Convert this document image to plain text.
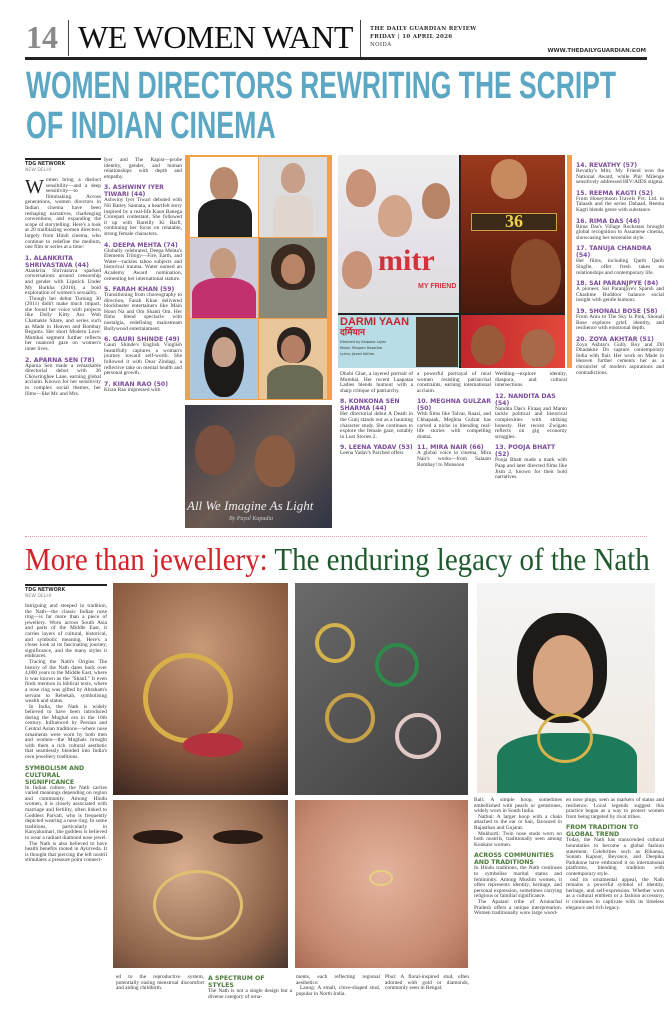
14 WE WOMEN WANT	THE DAILY GUARDIAN REVIEW
FRIDAY | 10 APRIL 2026
NOIDA
WWW.THEDAILYGUARDIAN.COM
WOMEN DIRECTORS REWRITING THE SCRIPT
OF INDIAN CINEMA

TDG NETWORK

NEW DELHI

Women bring a distinct sensibility—and a deep sensitivity—to filmmaking. Across generations, women directors in Indian cinema have been reshaping narratives, challenging conventions, and expanding the scope of storytelling. Here's a look at 20 trailblazing women directors, largely from Hindi cinema, who continue to redefine the medium, one film or series at a time:

1. ALANKRITA SHRIVASTAVA (44)

Alankrita Shrivastava sparked conversations around censorship and gender with Lipstick Under My Burkha (2016), a bold exploration of women's sexuality.

Though her debut Turning 30 (2011) didn't make much impact, she found her voice with projects like Dolly Kitty Aur Woh Chamakte Sitare, and series such as Made in Heaven and Bombay Begums. Her short Modern Love: Mumbai segment further reflects her nuanced gaze on women's inner lives.

2. APARNA SEN (78)

Aparna Sen made a remarkable directorial debut with 36 Chowringhee Lane, earning global acclaim. Known for her sensitivity to complex social themes, her films—like Mr. and Mrs.

Iyer and The Rapist—probe identity, gender, and human relationships with depth and empathy.

3. ASHWINY IYER TIWARI (44)

Ashwiny Iyer Tiwari debuted with Nil Battey Sannata, a heartfelt story inspired by a real-life Kaun Banega Crorepati contestant. She followed it up with Bareilly Ki Barfi, continuing her focus on relatable, strong female characters.

4. DEEPA MEHTA (74)

Globally celebrated, Deepa Mehta's Elements Trilogy—Fire, Earth, and Water—tackles taboo subjects and historical trauma. Water earned an Academy Award nomination, cementing her international stature.

5. FARAH KHAN (59)

Transitioning from choreography to direction, Farah Khan delivered blockbuster entertainers like Main Hoon Na and Om Shanti Om. Her films blend spectacle with nostalgia, redefining mainstream Bollywood entertainment.

6. GAURI SHINDE (49)

Gauri Shinde's English Vinglish beautifully captures a woman's journey toward self-worth. She followed it with Dear Zindagi, a reflective take on mental health and personal growth.

7. KIRAN RAO (50)

Kiran Rao impressed with

All We Imagine As Light
By Payal Kapadia
mitr
MY FRIEND
36
DARMI YAAN
दर्मियान
Directed by Kalpana Lajmi
Music: Bhupen Hazarika
Lyrics: Javed Akhtar

Dhobi Ghat, a layered portrait of Mumbai. Her recent Laapataa Ladies blends humour with a sharp critique of patriarchy.

8. KONKONA SEN SHARMA (44)

Her directorial debut A Death in the Gunj stands out as a haunting character study. She continues to explore the female gaze, notably in Lust Stories 2.

9. LEENA YADAV (53)

Leena Yadav's Parched offers

a powerful portrayal of rural women resisting patriarchal constraints, earning international acclaim.

10. MEGHNA GULZAR (50)

With films like Talvar, Raazi, and Chhapaak, Meghna Gulzar has carved a niche in blending real-life stories with compelling drama.

11. MIRA NAIR (66)

A global voice in cinema, Mira Nair's works—from Salaam Bombay! to Monsoon

Wedding—explore identity, diaspora, and cultural intersections.

12. NANDITA DAS (54)

Nandita Das's Firaaq and Manto tackle political and historical complexities with striking honesty. Her recent Zwigato reflects on gig economy struggles.

13. POOJA BHATT (52)

Pooja Bhatt made a mark with Paap and later directed films like Jism 2, known for their bold narratives.

14. REVATHY (57)

Revathy's Mitr, My Friend won the National Award, while Phir Milenge sensitively addressed HIV/AIDS stigma.

15. REEMA KAGTI (52)

From Honeymoon Travels Pvt. Ltd. to Talaash and the series Dahaad, Reema Kagti blends genre with substance.

16. RIMA DAS (46)

Rima Das's Village Rockstars brought global recognition to Assamese cinema, showcasing her neorealist style.

17. TANUJA CHANDRA (54)

Her films, including Qarib Qarib Singlle, offer fresh takes on relationships and contemporary life.

18. SAI PARANJPYE (84)

A pioneer, Sai Paranjpye's Sparsh and Chashme Buddoor balance social insight with gentle humour.

19. SHONALI BOSE (58)

From Amu to The Sky Is Pink, Shonali Bose explores grief, identity, and resilience with emotional depth.

20. ZOYA AKHTAR (51)

Zoya Akhtar's Gully Boy and Dil Dhadakne Do capture contemporary India with flair. Her work on Made in Heaven further cements her as a chronicler of modern aspirations and contradictions.

More than jewellery: The enduring legacy of the Nath

TDG NETWORK

NEW DELHI

Intriguing and steeped in tradition, the Nath—the classic Indian nose ring—is far more than a piece of jewellery. Worn across South Asia and parts of the Middle East, it carries layers of cultural, historical, and symbolic meaning. Here's a closer look at its fascinating journey, significance, and the many styles it embraces.

Tracing the Nath's Origins The history of the Nath dates back over 4,000 years to the Middle East, where it was known as the "Shanf." It even finds mention in biblical texts, where a nose ring was gifted by Abraham's servant to Rebekah, symbolising wealth and status.

In India, the Nath is widely believed to have been introduced during the Mughal era in the 16th century. Influenced by Persian and Central Asian traditions—where nose ornaments were worn by both men and women—the Mughals brought with them a rich cultural aesthetic that seamlessly blended into India's own jewellery traditions.

SYMBOLISM AND CULTURAL SIGNIFICANCE

In Indian culture, the Nath carries varied meanings depending on region and community. Among Hindu women, it is closely associated with marriage and fertility, often linked to Goddess Parvati, who is frequently depicted wearing a nose ring. In some traditions, particularly in Kanyakumari, the goddess is believed to wear a radiant diamond nose jewel.

The Nath is also believed to have health benefits rooted in Ayurveda. It is thought that piercing the left nostril stimulates a pressure point connect-

ed to the reproductive system, potentially easing menstrual discomfort and aiding childbirth.

A SPECTRUM OF STYLES

The Nath is not a single design but a diverse category of orna-

ments, each reflecting regional aesthetics:

Laung: A small, clove-shaped stud, popular in North India.

Phul: A floral-inspired stud, often adorned with gold or diamonds, commonly seen in Bengal.

Bali: A simple hoop, sometimes embellished with pearls or gemstones, widely worn in South India.

Nathni: A larger hoop with a chain attached to the ear or hair, favoured in Rajasthan and Gujarat.

Mukhurti: Twin nose studs worn on both nostrils, traditionally seen among Konkani women.

ACROSS COMMUNITIES AND TRADITIONS

In Hindu traditions, the Nath continues to symbolise marital status and femininity. Among Muslim women, it often represents identity, heritage, and personal expression, sometimes carrying religious or familial significance.

The Apatani tribe of Arunachal Pradesh offers a unique interpretation. Women traditionally wore large wood-

en nose plugs, seen as markers of status and resilience. Local legends suggest this practice began as a way to protect women from being targeted by rival tribes.

FROM TRADITION TO GLOBAL TREND

Today, the Nath has transcended cultural boundaries to become a global fashion statement. Celebrities such as Rihanna, Sonam Kapoor, Beyoncé, and Deepika Padukone have embraced it on international platforms, blending tradition with contemporary style.

ond its ornamental appeal, the Nath remains a powerful symbol of identity, heritage, and self-expression. Whether worn as a cultural emblem or a fashion accessory, it continues to captivate with its timeless elegance and rich legacy.
